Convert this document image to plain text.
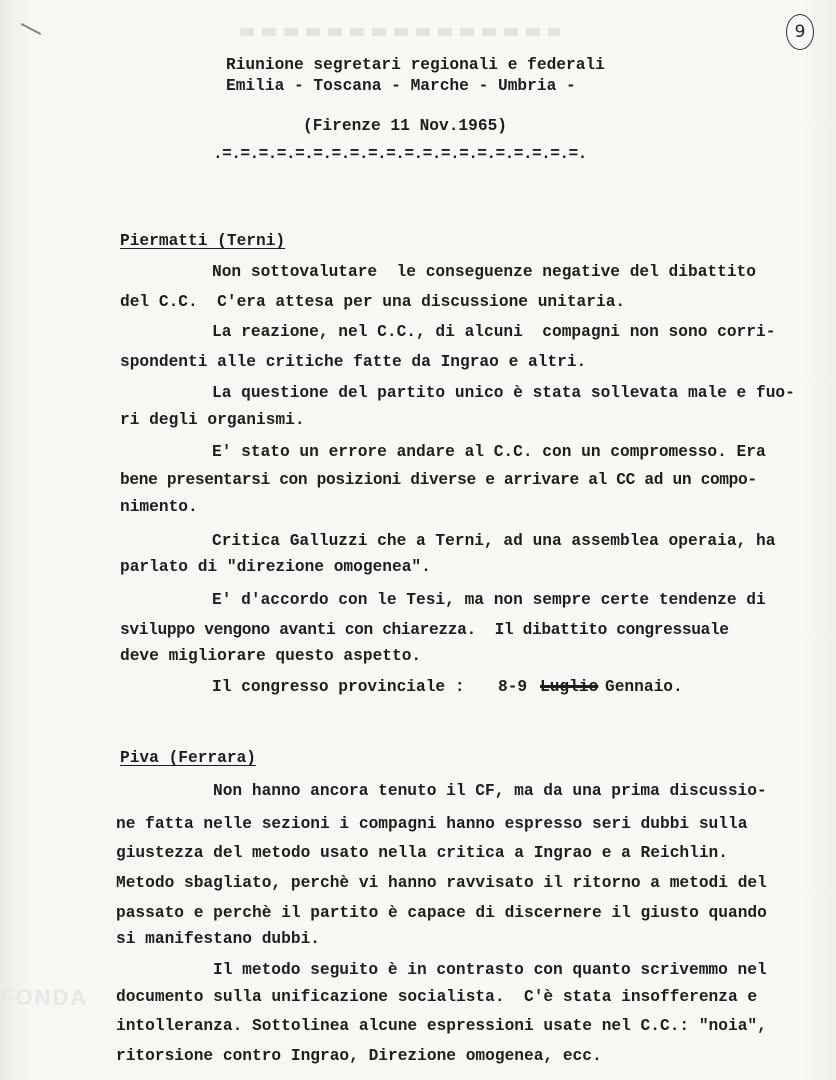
9
FONDA
Riunione segretari regionali e federali
Emilia - Toscana - Marche - Umbria -
(Firenze 11 Nov.1965)
.=.=.=.=.=.=.=.=.=.=.=.=.=.=.=.=.=.=.=.=.
Piermatti (Terni)
Non sottovalutare  le conseguenze negative del dibattito
del C.C.  C'era attesa per una discussione unitaria.
La reazione, nel C.C., di alcuni  compagni non sono corri-
spondenti alle critiche fatte da Ingrao e altri.
La questione del partito unico è stata sollevata male e fuo-
ri degli organismi.
E' stato un errore andare al C.C. con un compromesso. Era
bene presentarsi con posizioni diverse e arrivare al CC ad un compo-
nimento.
Critica Galluzzi che a Terni, ad una assemblea operaia, ha
parlato di "direzione omogenea".
E' d'accordo con le Tesi, ma non sempre certe tendenze di
sviluppo vengono avanti con chiarezza.  Il dibattito congressuale
deve migliorare questo aspetto.
Il congresso provinciale : 8-9 Luglio Gennaio.
Piva (Ferrara)
Non hanno ancora tenuto il CF, ma da una prima discussio-
ne fatta nelle sezioni i compagni hanno espresso seri dubbi sulla
giustezza del metodo usato nella critica a Ingrao e a Reichlin.
Metodo sbagliato, perchè vi hanno ravvisato il ritorno a metodi del
passato e perchè il partito è capace di discernere il giusto quando
si manifestano dubbi.
Il metodo seguito è in contrasto con quanto scrivemmo nel
documento sulla unificazione socialista.  C'è stata insofferenza e
intolleranza. Sottolinea alcune espressioni usate nel C.C.: "noia",
ritorsione contro Ingrao, Direzione omogenea, ecc.
